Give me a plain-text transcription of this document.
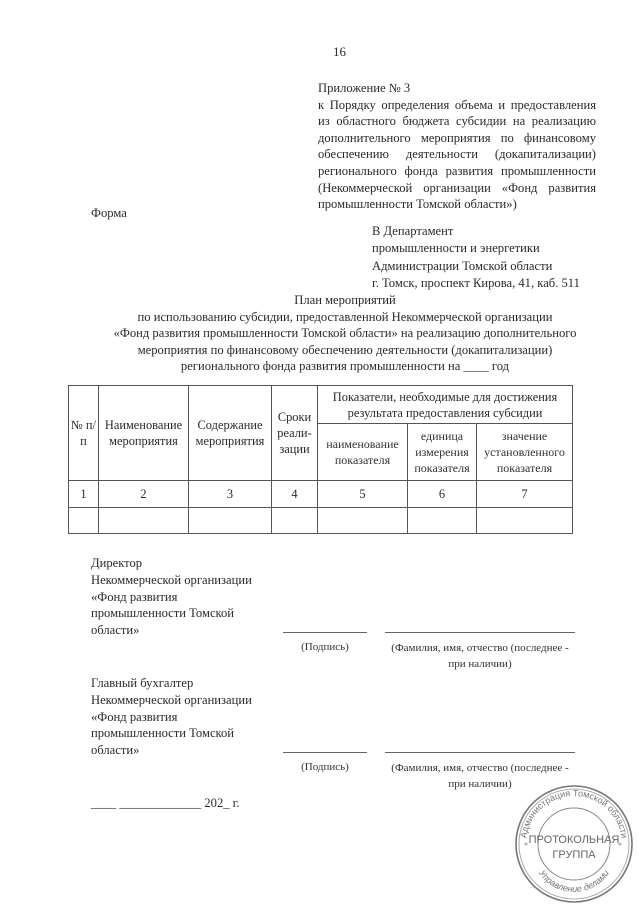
16
Приложение № 3
к Порядку определения объема и предоставления
из областного бюджета субсидии на реализацию
дополнительного мероприятия по финансовому
обеспечению деятельности (докапитализации)
регионального фонда развития промышленности
(Некоммерческой организации «Фонд развития
промышленности Томской области»)
Форма
В Департамент
промышленности и энергетики
Администрации Томской области
г. Томск, проспект Кирова, 41, каб. 511
План мероприятий
по использованию субсидии, предоставленной Некоммерческой организации
«Фонд развития промышленности Томской области» на реализацию дополнительного
мероприятия по финансовому обеспечению деятельности (докапитализации)
регионального фонда развития промышленности на ____ год
№ п/п	Наименование мероприятия	Содержание мероприятия	Сроки реали-зации	Показатели, необходимые для достижения результата предоставления субсидии		
				наименование показателя	единица измерения показателя	значение установленного показателя
1	2	3	4	5	6	7

Директор
Некоммерческой организации
«Фонд развития
промышленности Томской
области»
(Подпись)	(Фамилия, имя, отчество (последнее -
при наличии)
Главный бухгалтер
Некоммерческой организации
«Фонд развития
промышленности Томской
области»
(Подпись)	(Фамилия, имя, отчество (последнее -
при наличии)
____ _____________ 202_ г.
Администрация Томской области
Управление делами
ПРОТОКОЛЬНАЯ
ГРУППА
*	*
